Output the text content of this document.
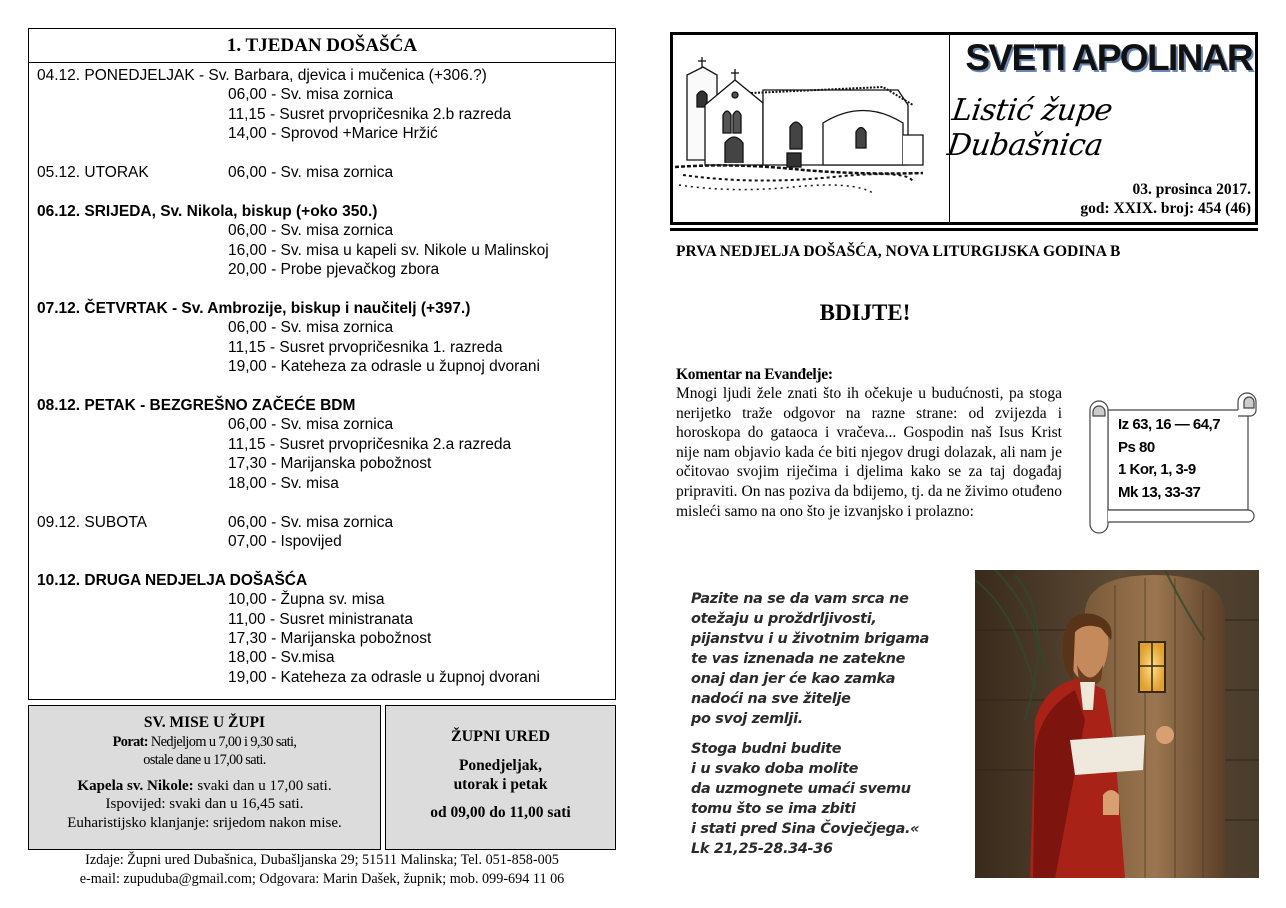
1. TJEDAN DOŠAŠĆA
04.12. PONEDJELJAK - Sv. Barbara, djevica i mučenica (+306.?)
06,00 - Sv. misa zornica
11,15 - Susret prvopričesnika 2.b razreda
14,00 - Sprovod +Marice Hržić
05.12. UTORAK	06,00 - Sv. misa zornica
06.12. SRIJEDA, Sv. Nikola, biskup (+oko 350.)
06,00 - Sv. misa zornica
16,00 - Sv. misa u kapeli sv. Nikole u Malinskoj
20,00 - Probe pjevačkog zbora
07.12. ČETVRTAK - Sv. Ambrozije, biskup i naučitelj (+397.)
06,00 - Sv. misa zornica
11,15 - Susret prvopričesnika 1. razreda
19,00 - Kateheza za odrasle u župnoj dvorani
08.12. PETAK - BEZGREŠNO ZAČEĆE BDM
06,00 - Sv. misa zornica
11,15 - Susret prvopričesnika 2.a razreda
17,30 - Marijanska pobožnost
18,00 - Sv. misa
09.12. SUBOTA	06,00 - Sv. misa zornica
07,00 - Ispovijed
10.12. DRUGA NEDJELJA DOŠAŠĆA
10,00 - Župna sv. misa
11,00 - Susret ministranata
17,30 - Marijanska pobožnost
18,00 - Sv.misa
19,00 - Kateheza za odrasle u župnoj dvorani
SV. MISE U ŽUPI
Porat: Nedjeljom u 7,00 i 9,30 sati,
ostale dane u 17,00 sati.
Kapela sv. Nikole: svaki dan u 17,00 sati.
Ispovijed: svaki dan u 16,45 sati.
Euharistijsko klanjanje: srijedom nakon mise.
ŽUPNI URED
Ponedjeljak,
utorak i petak
od 09,00 do 11,00 sati
Izdaje: Župni ured Dubašnica, Dubašljanska 29; 51511 Malinska; Tel. 051-858-005
e-mail: zupuduba@gmail.com; Odgovara: Marin Dašek, župnik; mob. 099-694 11 06
SVETI APOLINAR
Listić župe Dubašnica
03. prosinca 2017.
god: XXIX. broj: 454 (46)
PRVA NEDJELJA DOŠAŠĆA, NOVA LITURGIJSKA GODINA B
BDIJTE!
Komentar na Evanđelje:
Mnogi ljudi žele znati što ih očekuje u budućnosti, pa stoga nerijetko traže odgovor na razne strane: od zvijezda i horoskopa do gataoca i vračeva... Gospodin naš Isus Krist nije nam objavio kada će biti njegov drugi dolazak, ali nam je očitovao svojim riječima i djelima kako se za taj događaj pripraviti. On nas poziva da bdijemo, tj. da ne živimo otuđeno misleći samo na ono što je izvanjsko i prolazno:
Iz 63, 16 — 64,7
Ps 80
1 Kor, 1, 3-9
Mk 13, 33-37
Pazite na se da vam srca ne
otežaju u proždrljivosti,
pijanstvu i u životnim brigama
te vas iznenada ne zatekne
onaj dan jer će kao zamka
nadoći na sve žitelje
po svoj zemlji.
Stoga budni budite
i u svako doba molite
da uzmognete umaći svemu
tomu što se ima zbiti
i stati pred Sina Čovječjega.«
Lk 21,25-28.34-36
